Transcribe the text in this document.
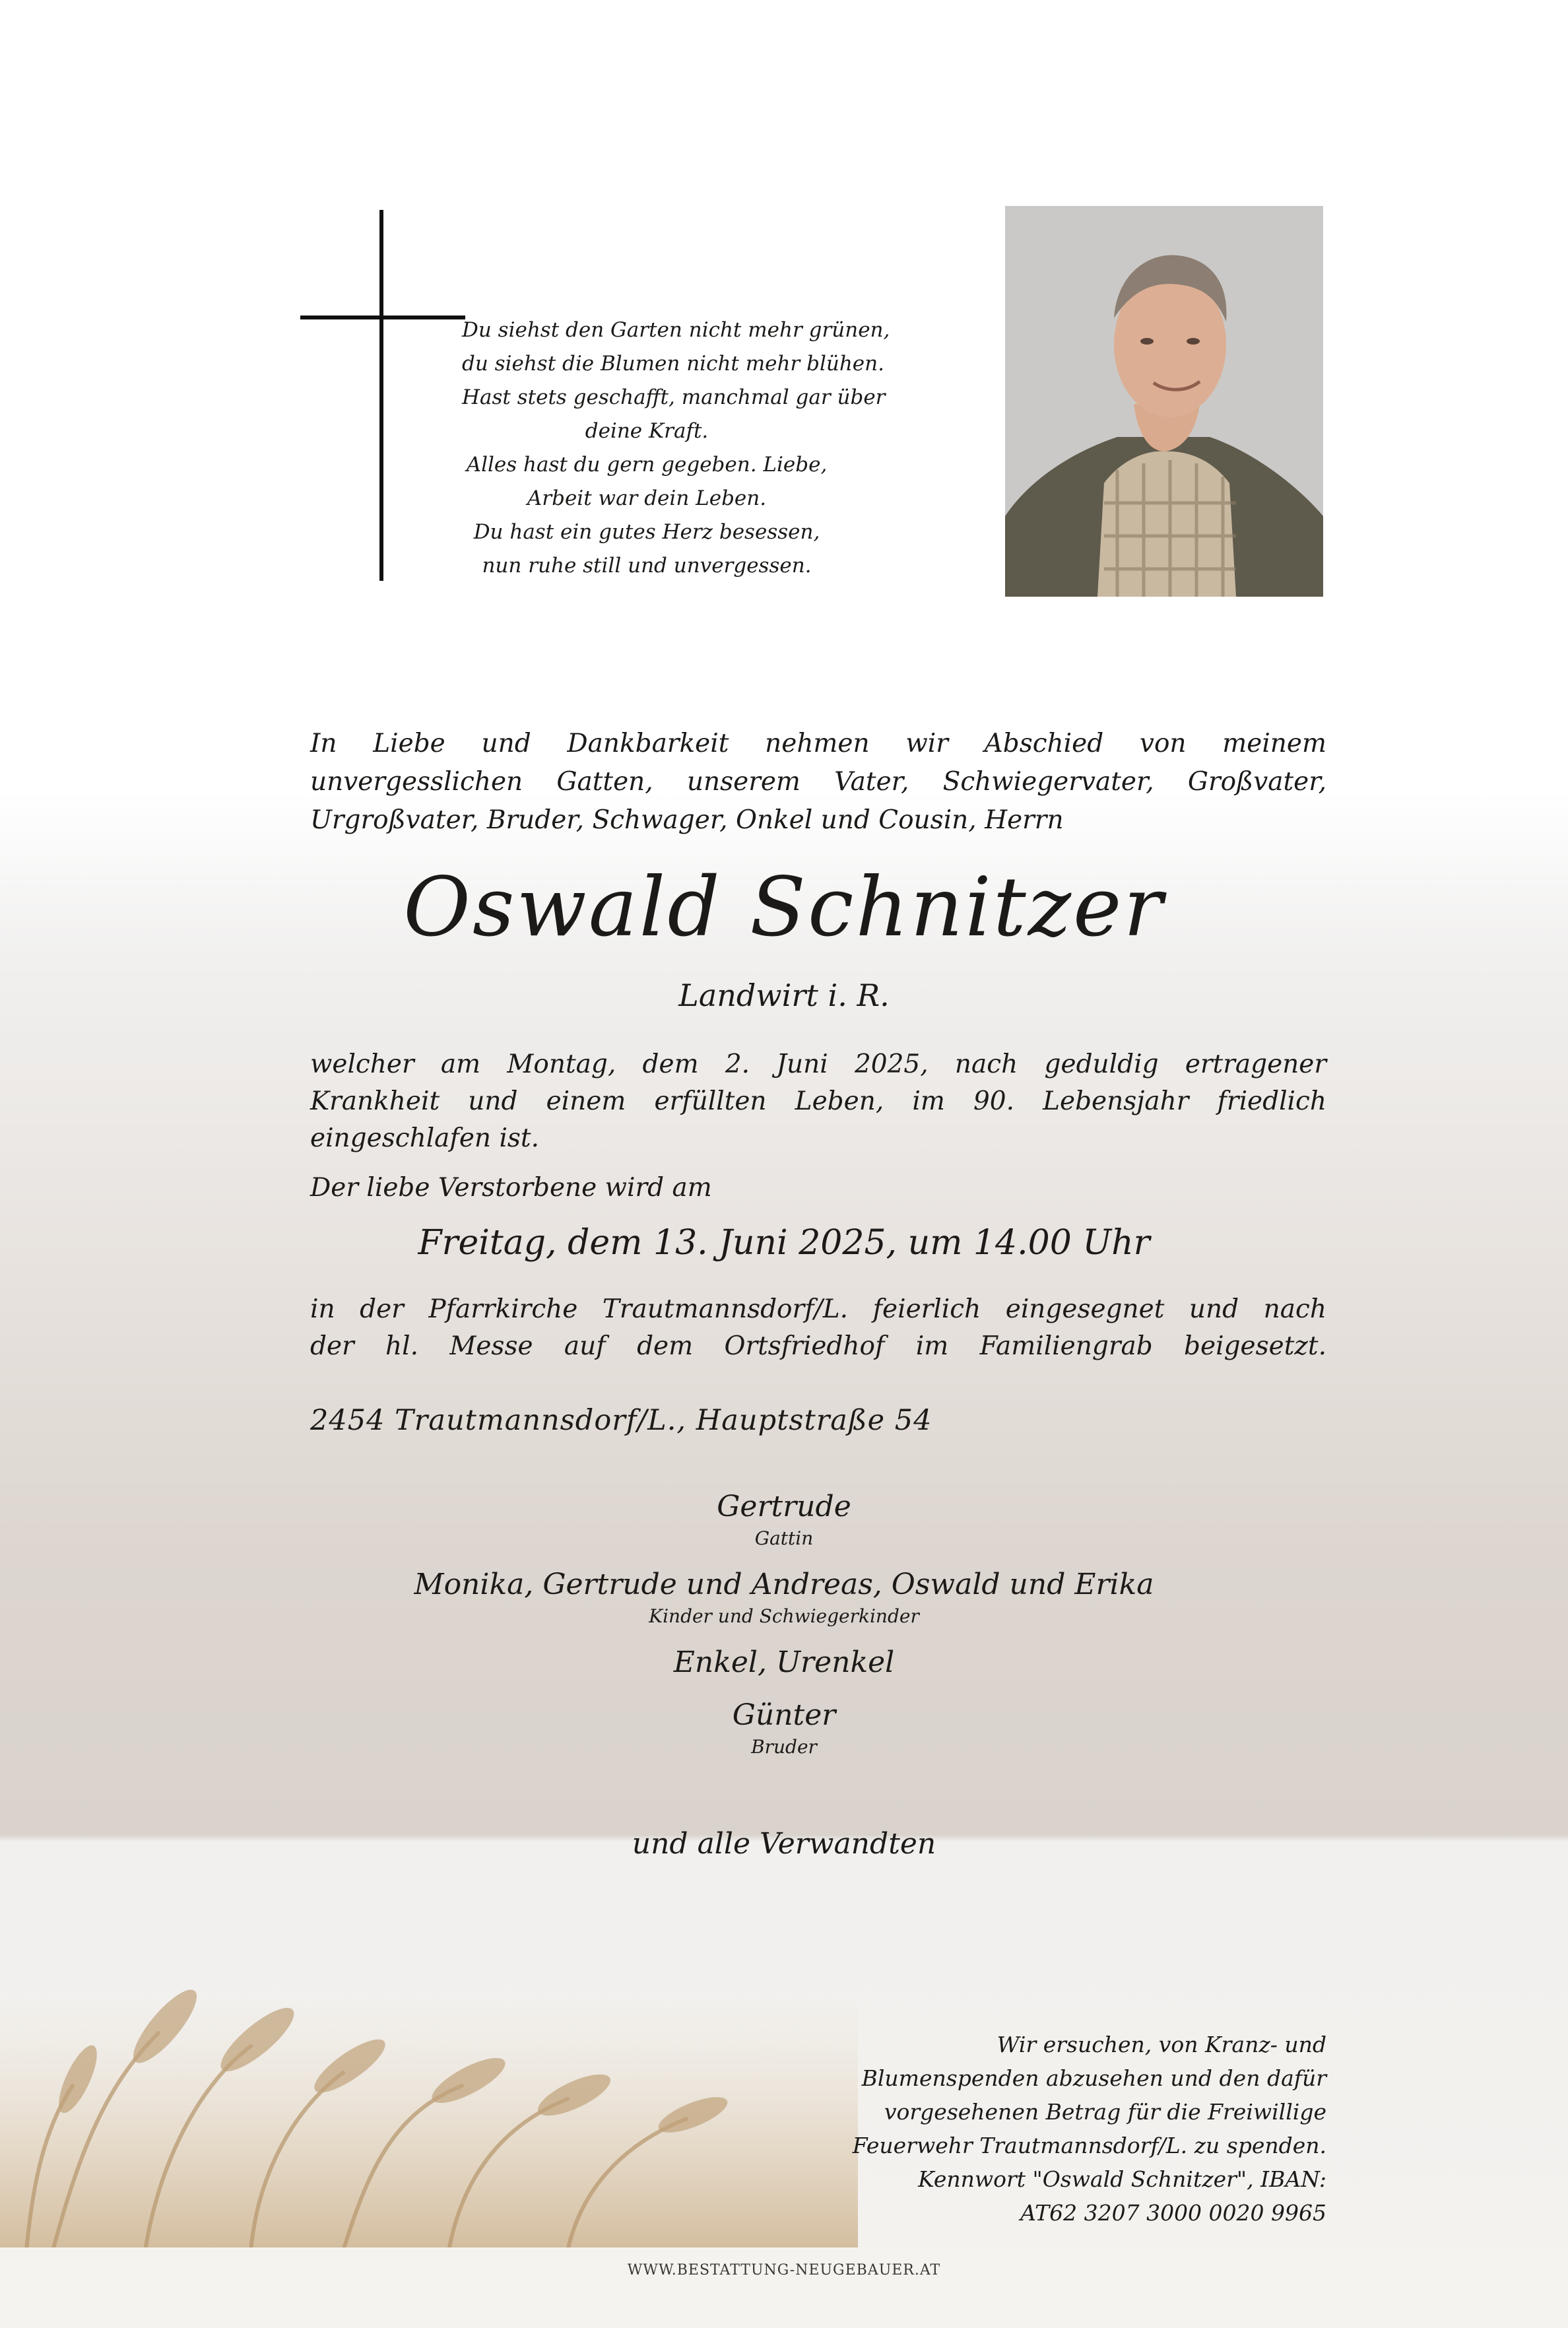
Du siehst den Garten nicht mehr grünen,
du siehst die Blumen nicht mehr blühen.
Hast stets geschafft, manchmal gar über
deine Kraft.
Alles hast du gern gegeben. Liebe,
Arbeit war dein Leben.
Du hast ein gutes Herz besessen,
nun ruhe still und unvergessen.
In Liebe und Dankbarkeit nehmen wir Abschied von meinem
unvergesslichen Gatten, unserem Vater, Schwiegervater, Großvater,
Urgroßvater, Bruder, Schwager, Onkel und Cousin, Herrn
Oswald Schnitzer
Landwirt i. R.
welcher am Montag, dem 2. Juni 2025, nach geduldig ertragener
Krankheit und einem erfüllten Leben, im 90. Lebensjahr friedlich
eingeschlafen ist.
Der liebe Verstorbene wird am
Freitag, dem 13. Juni 2025, um 14.00 Uhr
in der Pfarrkirche Trautmannsdorf/L. feierlich eingesegnet und nach
der hl. Messe auf dem Ortsfriedhof im Familiengrab beigesetzt.
2454 Trautmannsdorf/L., Hauptstraße 54
Gertrude
Gattin
Monika, Gertrude und Andreas, Oswald und Erika
Kinder und Schwiegerkinder
Enkel, Urenkel
Günter
Bruder
und alle Verwandten
Wir ersuchen, von Kranz- und
Blumenspenden abzusehen und den dafür
vorgesehenen Betrag für die Freiwillige
Feuerwehr Trautmannsdorf/L. zu spenden.
Kennwort "Oswald Schnitzer", IBAN:
AT62 3207 3000 0020 9965
WWW.BESTATTUNG-NEUGEBAUER.AT
